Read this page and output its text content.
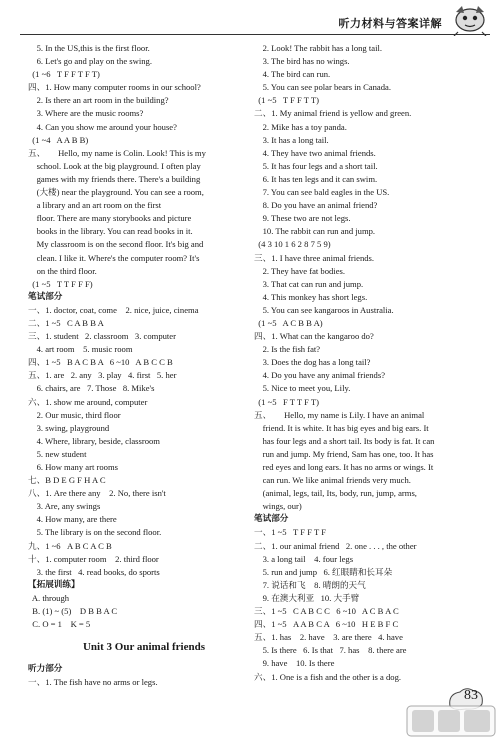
听力材料与答案详解
5. In the US,this is the first floor.
6. Let's go and play on the swing.
(1 ~6   T F F T F T)
四、1. How many computer rooms in our school?
2. Is there an art room in the building?
3. Where are the music rooms?
4. Can you show me around your house?
(1 ~4   A A B B)
五、      Hello, my name is Colin. Look! This is my
school. Look at the big playground. I often play
games with my friends there. There's a building
(大楼) near the playground. You can see a room,
a library and an art room on the first
floor. There are many storybooks and picture
books in the library. You can read books in it.
My classroom is on the second floor. It's big and
clean. I like it. Where's the computer room? It's
on the third floor.
(1 ~5   T T F F F)
笔试部分
一、1. doctor, coat, come    2. nice, juice, cinema
二、1 ~5   C A B B A
三、1. student   2. classroom   3. computer
4. art room    5. music room
四、1 ~5   B A C B A   6 ~10   A B C C B
五、1. are   2. any   3. play   4. first   5. her
6. chairs, are   7. Those   8. Mike's
六、1. show me around, computer
2. Our music, third floor
3. swing, playground
4. Where, library, beside, classroom
5. new student
6. How many art rooms
七、B D E G F H A C
八、1. Are there any    2. No, there isn't
3. Are, any swings
4. How many, are there
5. The library is on the second floor.
九、1 ~6   A B C A C B
十、1. computer room    2. third floor
3. the first   4. read books, do sports
【拓展训练】
A. through
B. (1) ~ (5)    D B B A C
C. O = 1    K = 5
Unit 3 Our animal friends
听力部分
一、1. The fish have no arms or legs.
2. Look! The rabbit has a long tail.
3. The bird has no wings.
4. The bird can run.
5. You can see polar bears in Canada.
(1 ~5   T F F T T)
二、1. My animal friend is yellow and green.
2. Mike has a toy panda.
3. It has a long tail.
4. They have two animal friends.
5. It has four legs and a short tail.
6. It has ten legs and it can swim.
7. You can see bald eagles in the US.
8. Do you have an animal friend?
9. These two are not legs.
10. The rabbit can run and jump.
(4 3 10 1 6 2 8 7 5 9)
三、1. I have three animal friends.
2. They have fat bodies.
3. That cat can run and jump.
4. This monkey has short legs.
5. You can see kangaroos in Australia.
(1 ~5   A C B B A)
四、1. What can the kangaroo do?
2. Is the fish fat?
3. Does the dog has a long tail?
4. Do you have any animal friends?
5. Nice to meet you, Lily.
(1 ~5   F T T F T)
五、      Hello, my name is Lily. I have an animal
friend. It is white. It has big eyes and big ears. It
has four legs and a short tail. Its body is fat. It can
run and jump. My friend, Sam has one, too. It has
red eyes and long ears. It has no arms or wings. It
can run. We like animal friends very much.
(animal, legs, tail, Its, body, run, jump, arms,
wings, our)
笔试部分
一、1 ~5   T F F T F
二、1. our animal friend   2. one . . . , the other
3. a long tail    4. four legs
5. run and jump   6. 红眼睛和长耳朵
7. 说话和飞    8. 晴朗的天气
9. 在澳大利亚   10. 大手臂
三、1 ~5   C A B C C   6 ~10   A C B A C
四、1 ~5   A A B C A   6 ~10   H E B F C
五、1. has    2. have    3. are there   4. have
5. Is there   6. Is that   7. has    8. there are
9. have    10. Is there
六、1. One is a fish and the other is a dog.
83
